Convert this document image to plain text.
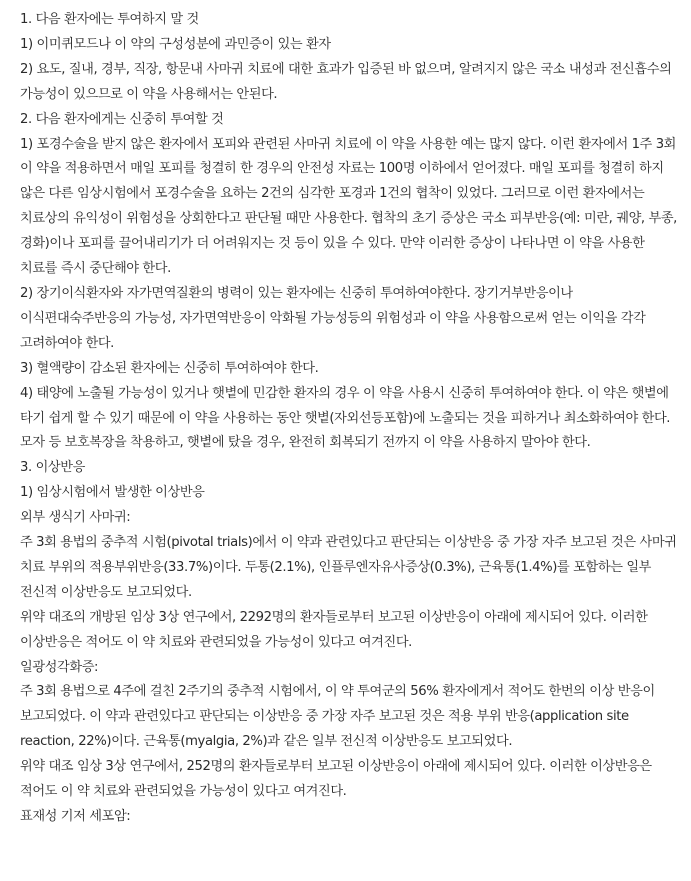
1. 다음 환자에는 투여하지 말 것

1) 이미퀴모드나 이 약의 구성성분에 과민증이 있는 환자

2) 요도, 질내, 경부, 직장, 항문내 사마귀 치료에 대한 효과가 입증된 바 없으며, 알려지지 않은 국소 내성과 전신흡수의 가능성이 있으므로 이 약을 사용해서는 안된다.

2. 다음 환자에게는 신중히 투여할 것

1) 포경수술을 받지 않은 환자에서 포피와 관련된 사마귀 치료에 이 약을 사용한 예는 많지 않다. 이런 환자에서 1주 3회 이 약을 적용하면서 매일 포피를 청결히 한 경우의 안전성 자료는 100명 이하에서 얻어졌다. 매일 포피를 청결히 하지 않은 다른 임상시험에서 포경수술을 요하는 2건의 심각한 포경과 1건의 협착이 있었다. 그러므로 이런 환자에서는 치료상의 유익성이 위험성을 상회한다고 판단될 때만 사용한다. 협착의 초기 증상은 국소 피부반응(예: 미란, 궤양, 부종, 경화)이나 포피를 끌어내리기가 더 어려워지는 것 등이 있을 수 있다. 만약 이러한 증상이 나타나면 이 약을 사용한 치료를 즉시 중단해야 한다.

2) 장기이식환자와 자가면역질환의 병력이 있는 환자에는 신중히 투여하여야한다. 장기거부반응이나 이식편대숙주반응의 가능성, 자가면역반응이 악화될 가능성등의 위험성과 이 약을 사용함으로써 얻는 이익을 각각 고려하여야 한다.

3) 혈액량이 감소된 환자에는 신중히 투여하여야 한다.

4) 태양에 노출될 가능성이 있거나 햇볕에 민감한 환자의 경우 이 약을 사용시 신중히 투여하여야 한다. 이 약은 햇볕에 타기 쉽게 할 수 있기 때문에 이 약을 사용하는 동안 햇볕(자외선등포함)에 노출되는 것을 피하거나 최소화하여야 한다. 모자 등 보호복장을 착용하고, 햇볕에 탔을 경우, 완전히 회복되기 전까지 이 약을 사용하지 말아야 한다.

3. 이상반응

1) 임상시험에서 발생한 이상반응

외부 생식기 사마귀:

주 3회 용법의 중추적 시험(pivotal trials)에서 이 약과 관련있다고 판단되는 이상반응 중 가장 자주 보고된 것은 사마귀 치료 부위의 적용부위반응(33.7%)이다. 두통(2.1%), 인플루엔자유사증상(0.3%), 근육통(1.4%)를 포함하는 일부 전신적 이상반응도 보고되었다.

위약 대조의 개방된 임상 3상 연구에서, 2292명의 환자들로부터 보고된 이상반응이 아래에 제시되어 있다. 이러한 이상반응은 적어도 이 약 치료와 관련되었을 가능성이 있다고 여겨진다.

일광성각화증:

주 3회 용법으로 4주에 걸친 2주기의 중추적 시험에서, 이 약 투여군의 56% 환자에게서 적어도 한번의 이상 반응이 보고되었다. 이 약과 관련있다고 판단되는 이상반응 중 가장 자주 보고된 것은 적용 부위 반응(application site reaction, 22%)이다. 근육통(myalgia, 2%)과 같은 일부 전신적 이상반응도 보고되었다.

위약 대조 임상 3상 연구에서, 252명의 환자들로부터 보고된 이상반응이 아래에 제시되어 있다. 이러한 이상반응은 적어도 이 약 치료와 관련되었을 가능성이 있다고 여겨진다.

표재성 기저 세포암:
